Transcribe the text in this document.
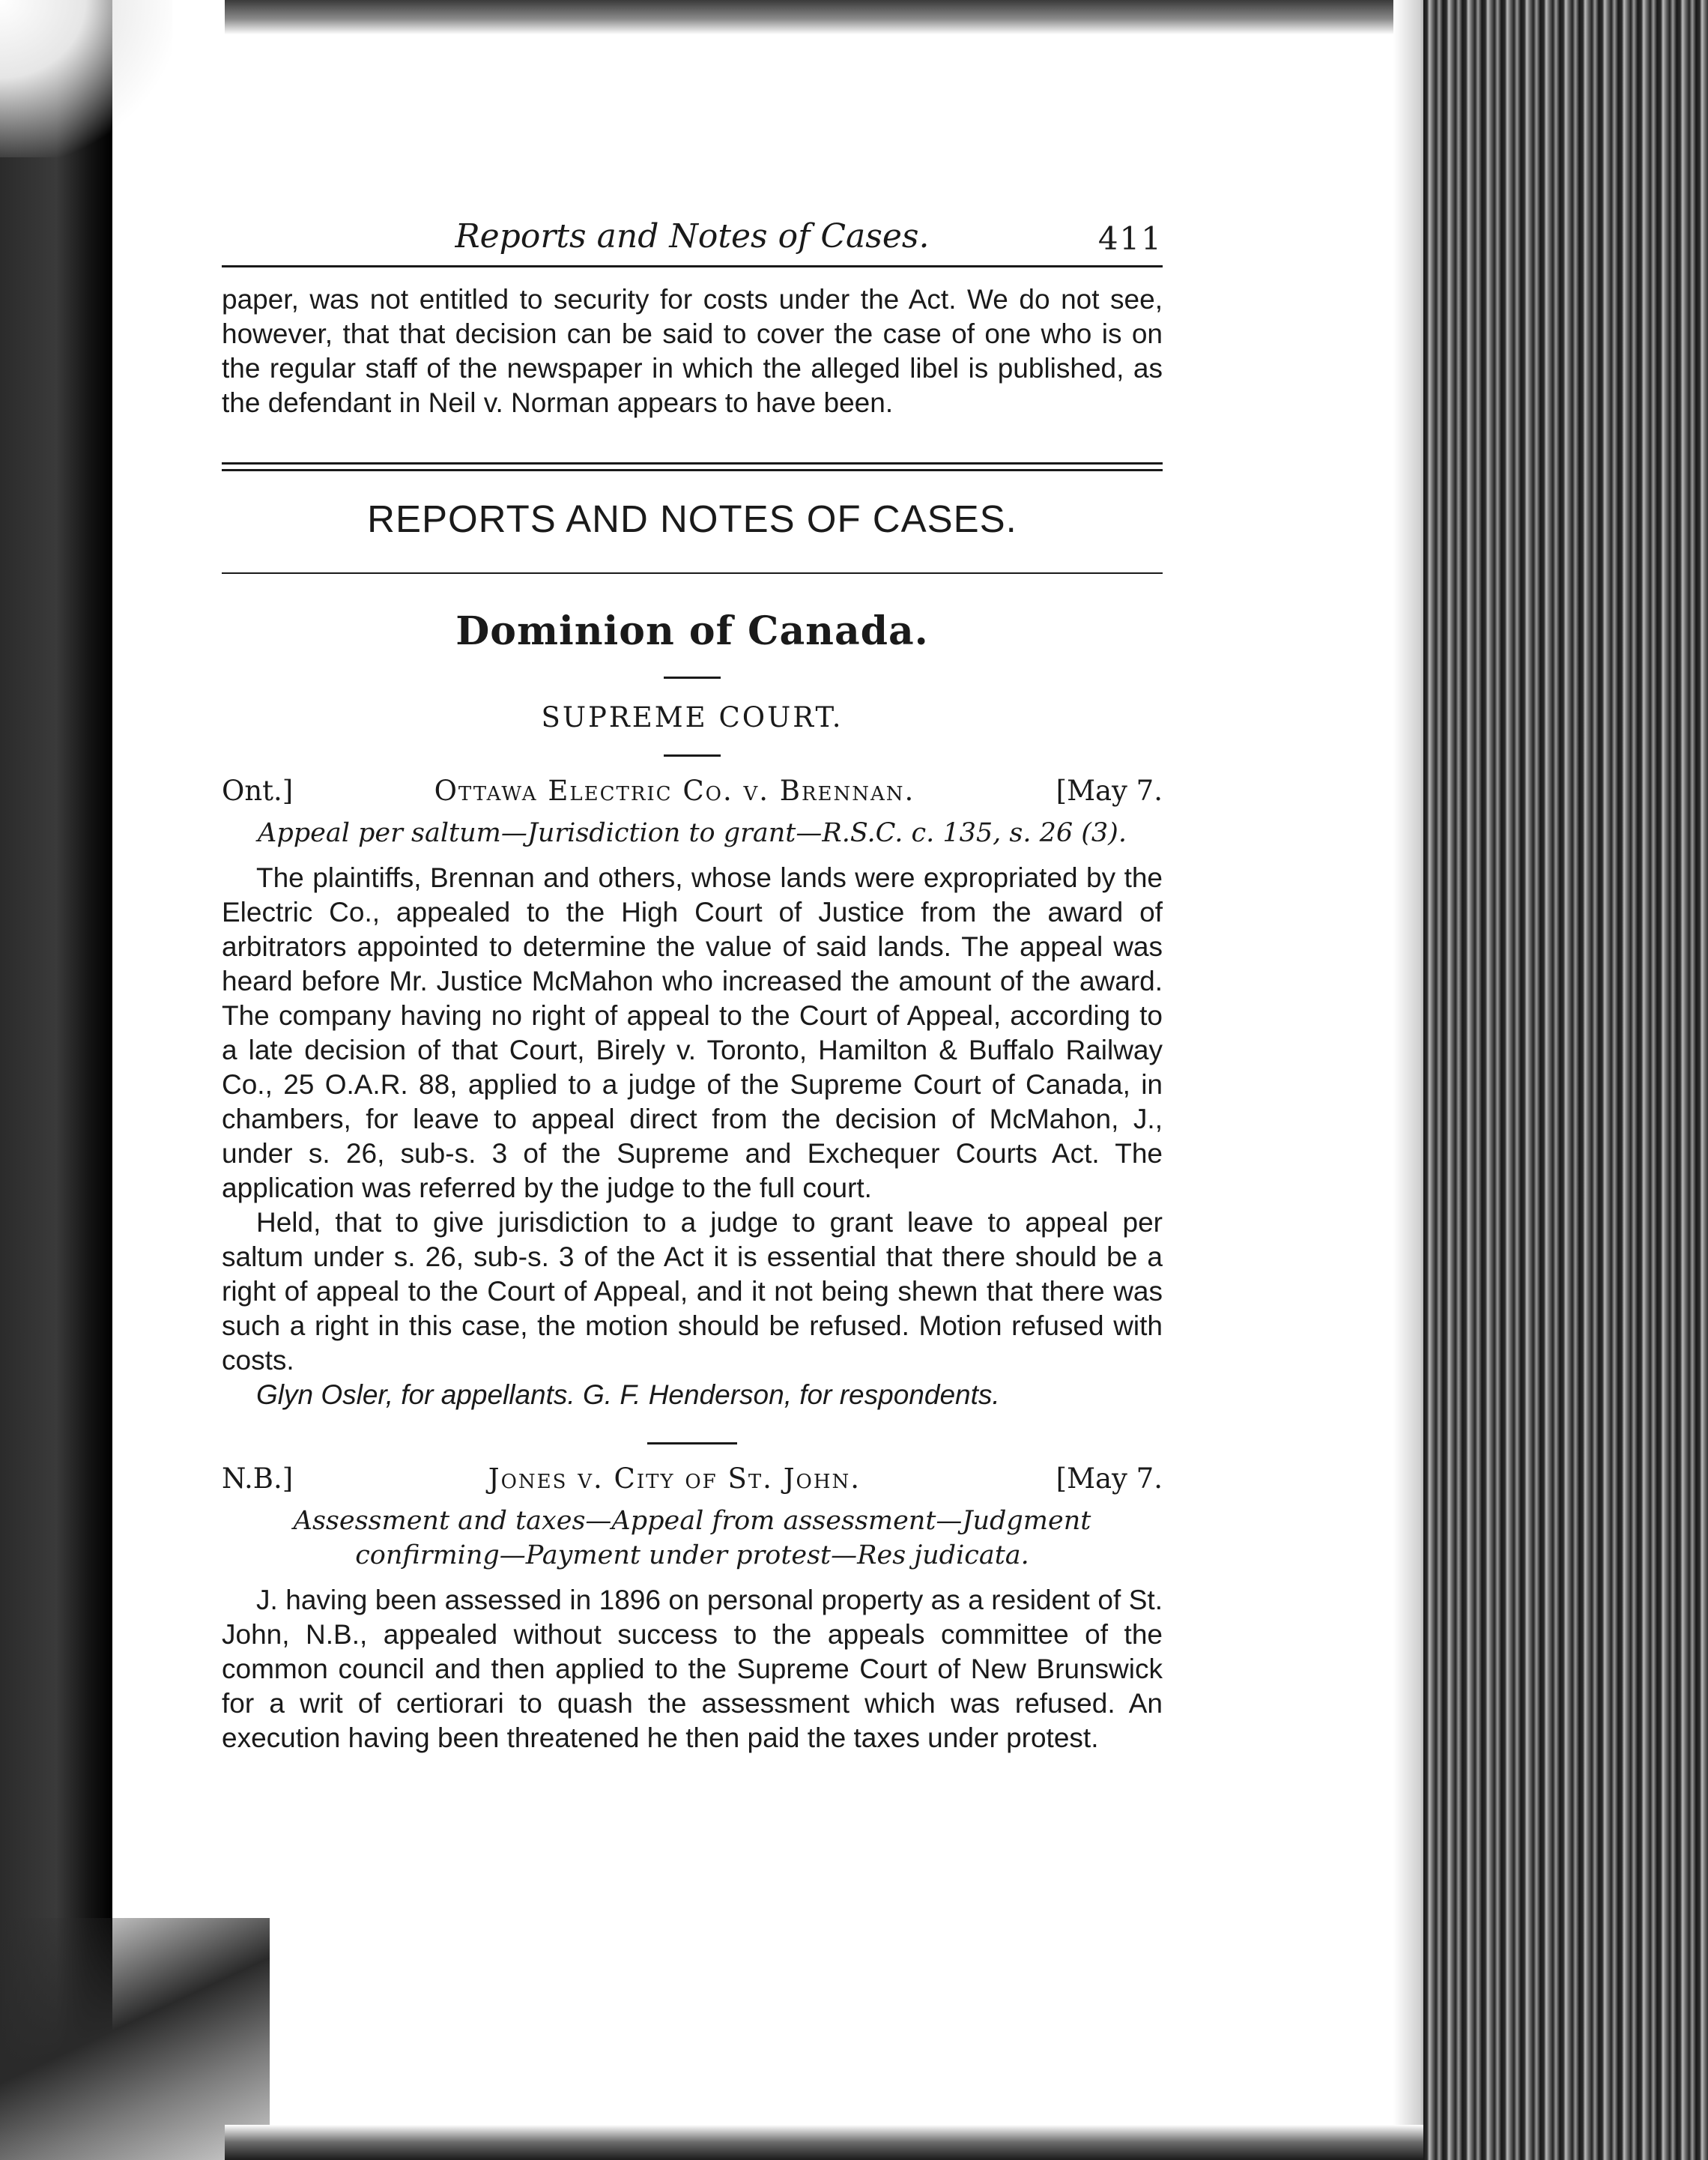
Reports and Notes of Cases.	411

paper, was not entitled to security for costs under the Act. We do not see, however, that that decision can be said to cover the case of one who is on the regular staff of the newspaper in which the alleged libel is published, as the defendant in Neil v. Norman appears to have been.

REPORTS AND NOTES OF CASES.
Dominion of Canada.
SUPREME COURT.
Ont.]	Ottawa Electric Co. v. Brennan.	[May 7.
Appeal per saltum—Jurisdiction to grant—R.S.C. c. 135, s. 26 (3).

The plaintiffs, Brennan and others, whose lands were expropriated by the Electric Co., appealed to the High Court of Justice from the award of arbitrators appointed to determine the value of said lands. The appeal was heard before Mr. Justice McMahon who increased the amount of the award. The company having no right of appeal to the Court of Appeal, according to a late decision of that Court, Birely v. Toronto, Hamilton & Buffalo Railway Co., 25 O.A.R. 88, applied to a judge of the Supreme Court of Canada, in chambers, for leave to appeal direct from the decision of McMahon, J., under s. 26, sub-s. 3 of the Supreme and Exchequer Courts Act. The application was referred by the judge to the full court.

Held, that to give jurisdiction to a judge to grant leave to appeal per saltum under s. 26, sub-s. 3 of the Act it is essential that there should be a right of appeal to the Court of Appeal, and it not being shewn that there was such a right in this case, the motion should be refused. Motion refused with costs.

Glyn Osler, for appellants. G. F. Henderson, for respondents.

N.B.]	Jones v. City of St. John.	[May 7.
Assessment and taxes—Appeal from assessment—Judgment confirming—Payment under protest—Res judicata.

J. having been assessed in 1896 on personal property as a resident of St. John, N.B., appealed without success to the appeals committee of the common council and then applied to the Supreme Court of New Brunswick for a writ of certiorari to quash the assessment which was refused. An execution having been threatened he then paid the taxes under protest.
